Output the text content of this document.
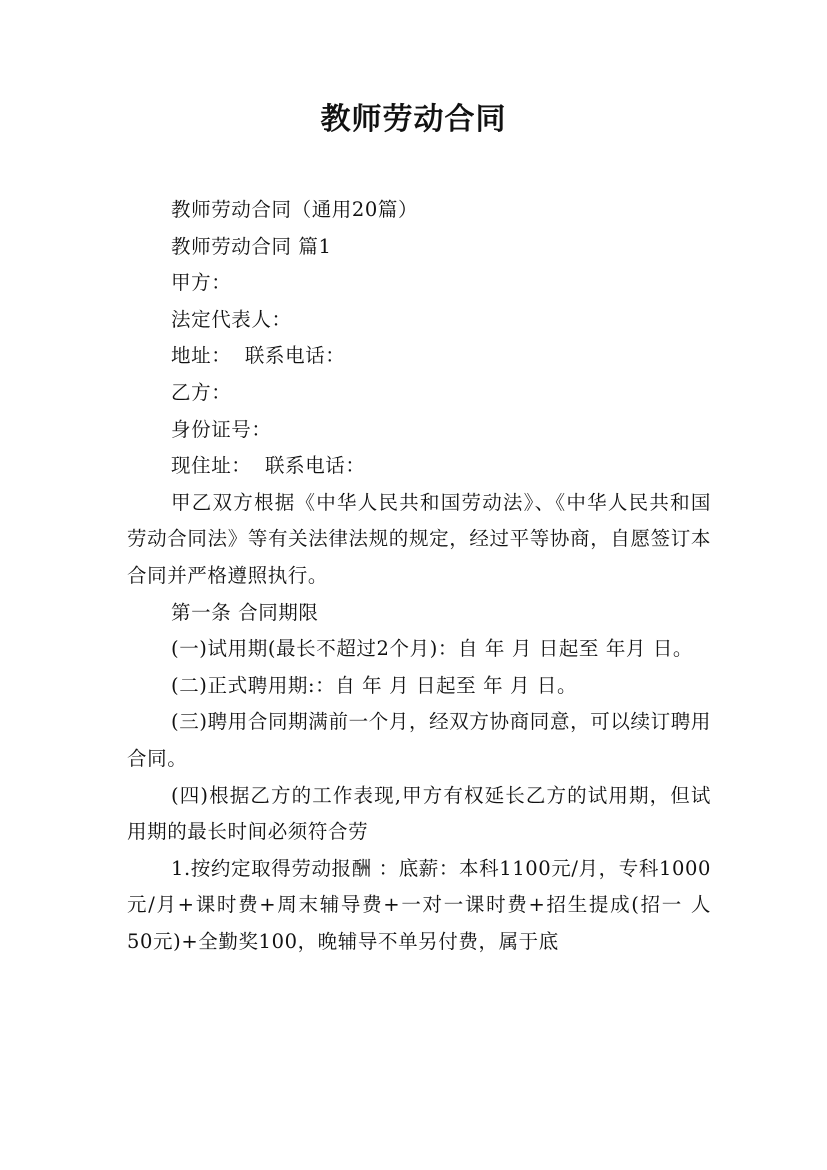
教师劳动合同

教师劳动合同（通用20篇）

教师劳动合同 篇1

甲方：

法定代表人：

地址：  联系电话：

乙方：

身份证号：

现住址：  联系电话：

甲乙双方根据《中华人民共和国劳动法》、《中华人民共和国劳动合同法》等有关法律法规的规定，经过平等协商，自愿签订本合同并严格遵照执行。

第一条 合同期限

(一)试用期(最长不超过2个月)：自 年 月 日起至 年月 日。

(二)正式聘用期:：自 年 月 日起至 年 月 日。

(三)聘用合同期满前一个月，经双方协商同意，可以续订聘用合同。

(四)根据乙方的工作表现,甲方有权延长乙方的试用期，但试用期的最长时间必须符合劳

1.按约定取得劳动报酬 ：底薪：本科1100元/月，专科1000元/月+课时费+周末辅导费+一对一课时费+招生提成(招一 人 50元)+全勤奖100，晚辅导不单另付费，属于底
